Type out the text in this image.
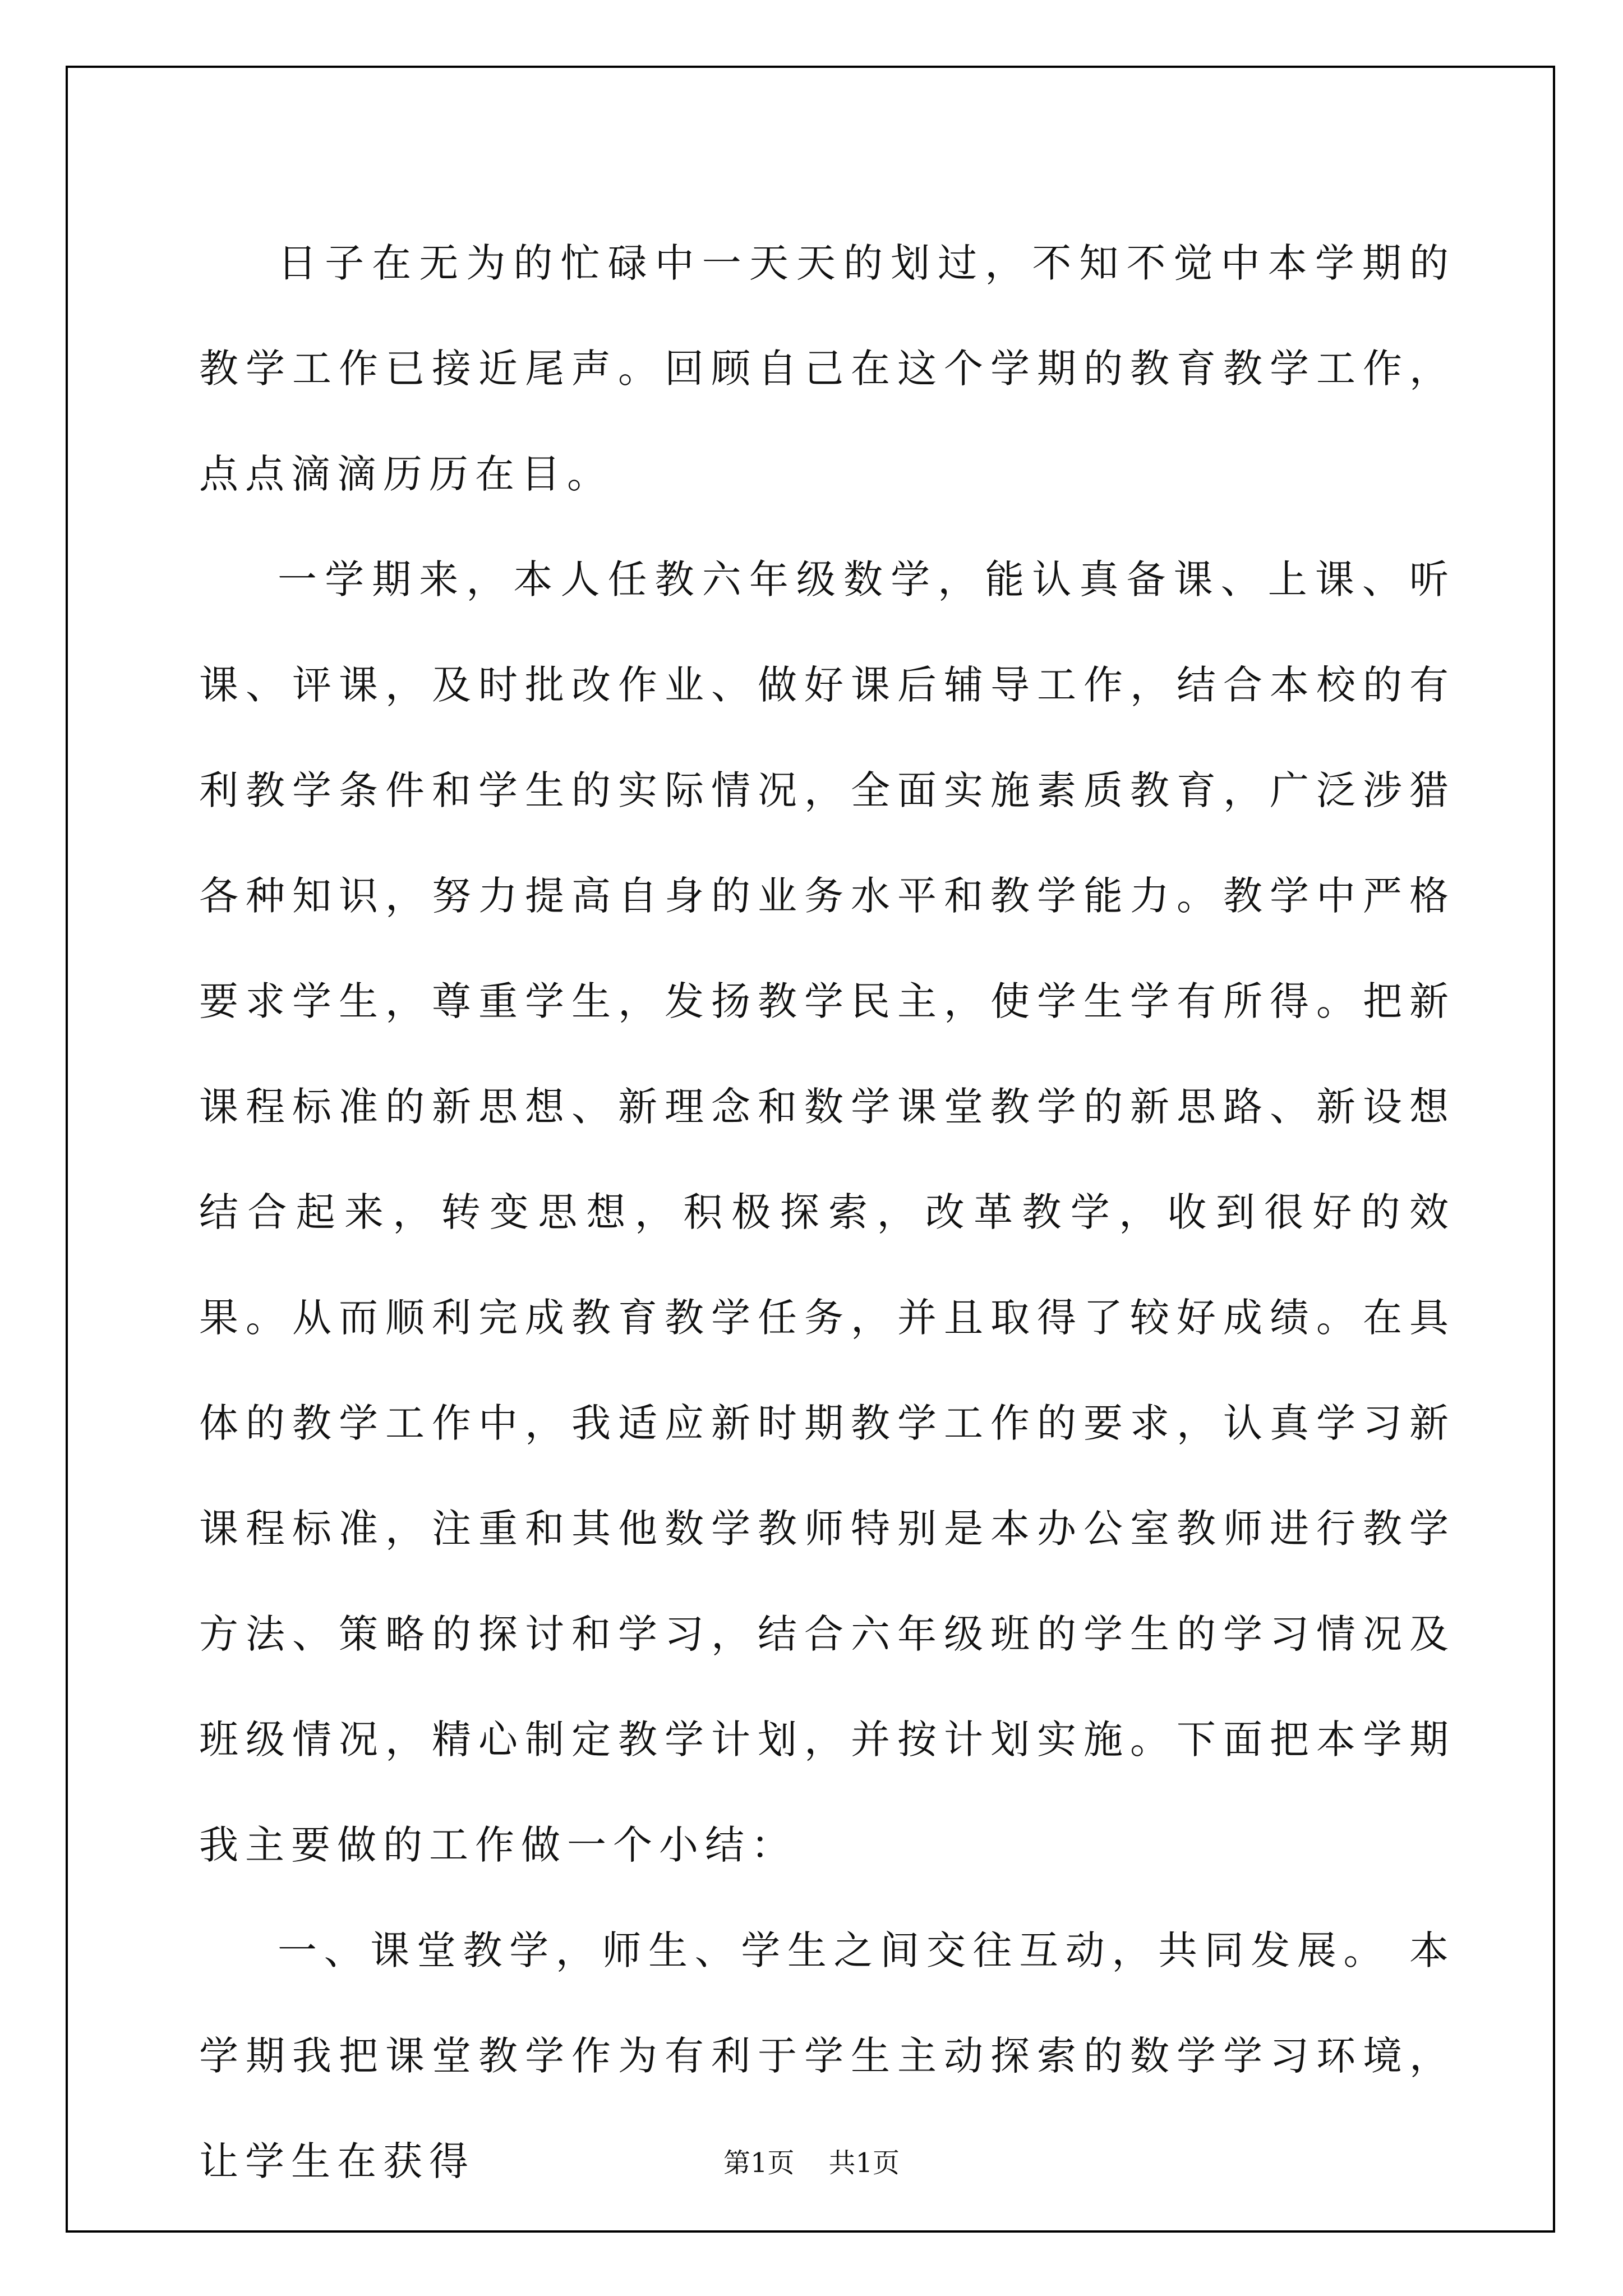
日子在无为的忙碌中一天天的划过，不知不觉中本学期的教学工作已接近尾声。回顾自己在这个学期的教育教学工作，点点滴滴历历在目。

一学期来，本人任教六年级数学，能认真备课、上课、听课、评课，及时批改作业、做好课后辅导工作，结合本校的有利教学条件和学生的实际情况，全面实施素质教育，广泛涉猎各种知识，努力提高自身的业务水平和教学能力。教学中严格要求学生，尊重学生，发扬教学民主，使学生学有所得。把新课程标准的新思想、新理念和数学课堂教学的新思路、新设想结合起来，转变思想，积极探索，改革教学，收到很好的效果。从而顺利完成教育教学任务，并且取得了较好成绩。在具体的教学工作中，我适应新时期教学工作的要求，认真学习新课程标准，注重和其他数学教师特别是本办公室教师进行教学方法、策略的探讨和学习，结合六年级班的学生的学习情况及班级情况，精心制定教学计划，并按计划实施。下面把本学期我主要做的工作做一个小结：

一、课堂教学，师生、学生之间交往互动，共同发展。 本学期我把课堂教学作为有利于学生主动探索的数学学习环境，让学生在获得	第1页    共1页
